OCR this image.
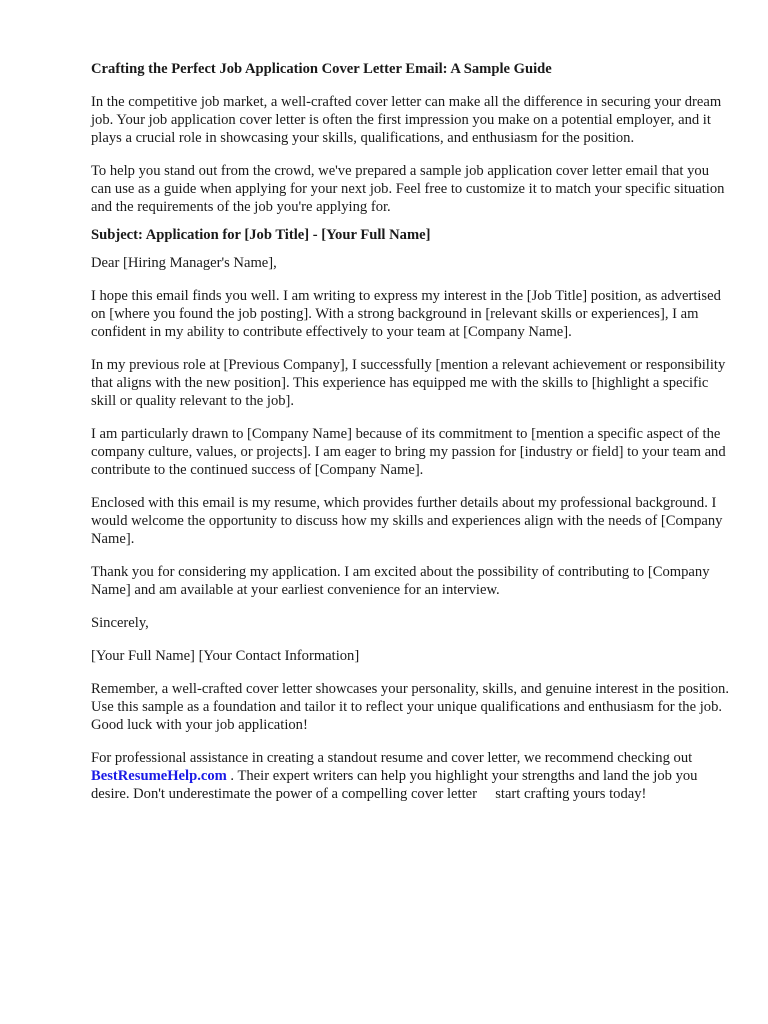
Crafting the Perfect Job Application Cover Letter Email: A Sample Guide

In the competitive job market, a well-crafted cover letter can make all the difference in securing your dream job. Your job application cover letter is often the first impression you make on a potential employer, and it plays a crucial role in showcasing your skills, qualifications, and enthusiasm for the position.

To help you stand out from the crowd, we've prepared a sample job application cover letter email that you can use as a guide when applying for your next job. Feel free to customize it to match your specific situation and the requirements of the job you're applying for.

Subject: Application for [Job Title] - [Your Full Name]

Dear [Hiring Manager's Name],

I hope this email finds you well. I am writing to express my interest in the [Job Title] position, as advertised on [where you found the job posting]. With a strong background in [relevant skills or experiences], I am confident in my ability to contribute effectively to your team at [Company Name].

In my previous role at [Previous Company], I successfully [mention a relevant achievement or responsibility that aligns with the new position]. This experience has equipped me with the skills to [highlight a specific skill or quality relevant to the job].

I am particularly drawn to [Company Name] because of its commitment to [mention a specific aspect of the company culture, values, or projects]. I am eager to bring my passion for [industry or field] to your team and contribute to the continued success of [Company Name].

Enclosed with this email is my resume, which provides further details about my professional background. I would welcome the opportunity to discuss how my skills and experiences align with the needs of [Company Name].

Thank you for considering my application. I am excited about the possibility of contributing to [Company Name] and am available at your earliest convenience for an interview.

Sincerely,

[Your Full Name] [Your Contact Information]

Remember, a well-crafted cover letter showcases your personality, skills, and genuine interest in the position. Use this sample as a foundation and tailor it to reflect your unique qualifications and enthusiasm for the job. Good luck with your job application!

For professional assistance in creating a standout resume and cover letter, we recommend checking out BestResumeHelp.com . Their expert writers can help you highlight your strengths and land the job you desire. Don't underestimate the power of a compelling cover letter  start crafting yours today!
